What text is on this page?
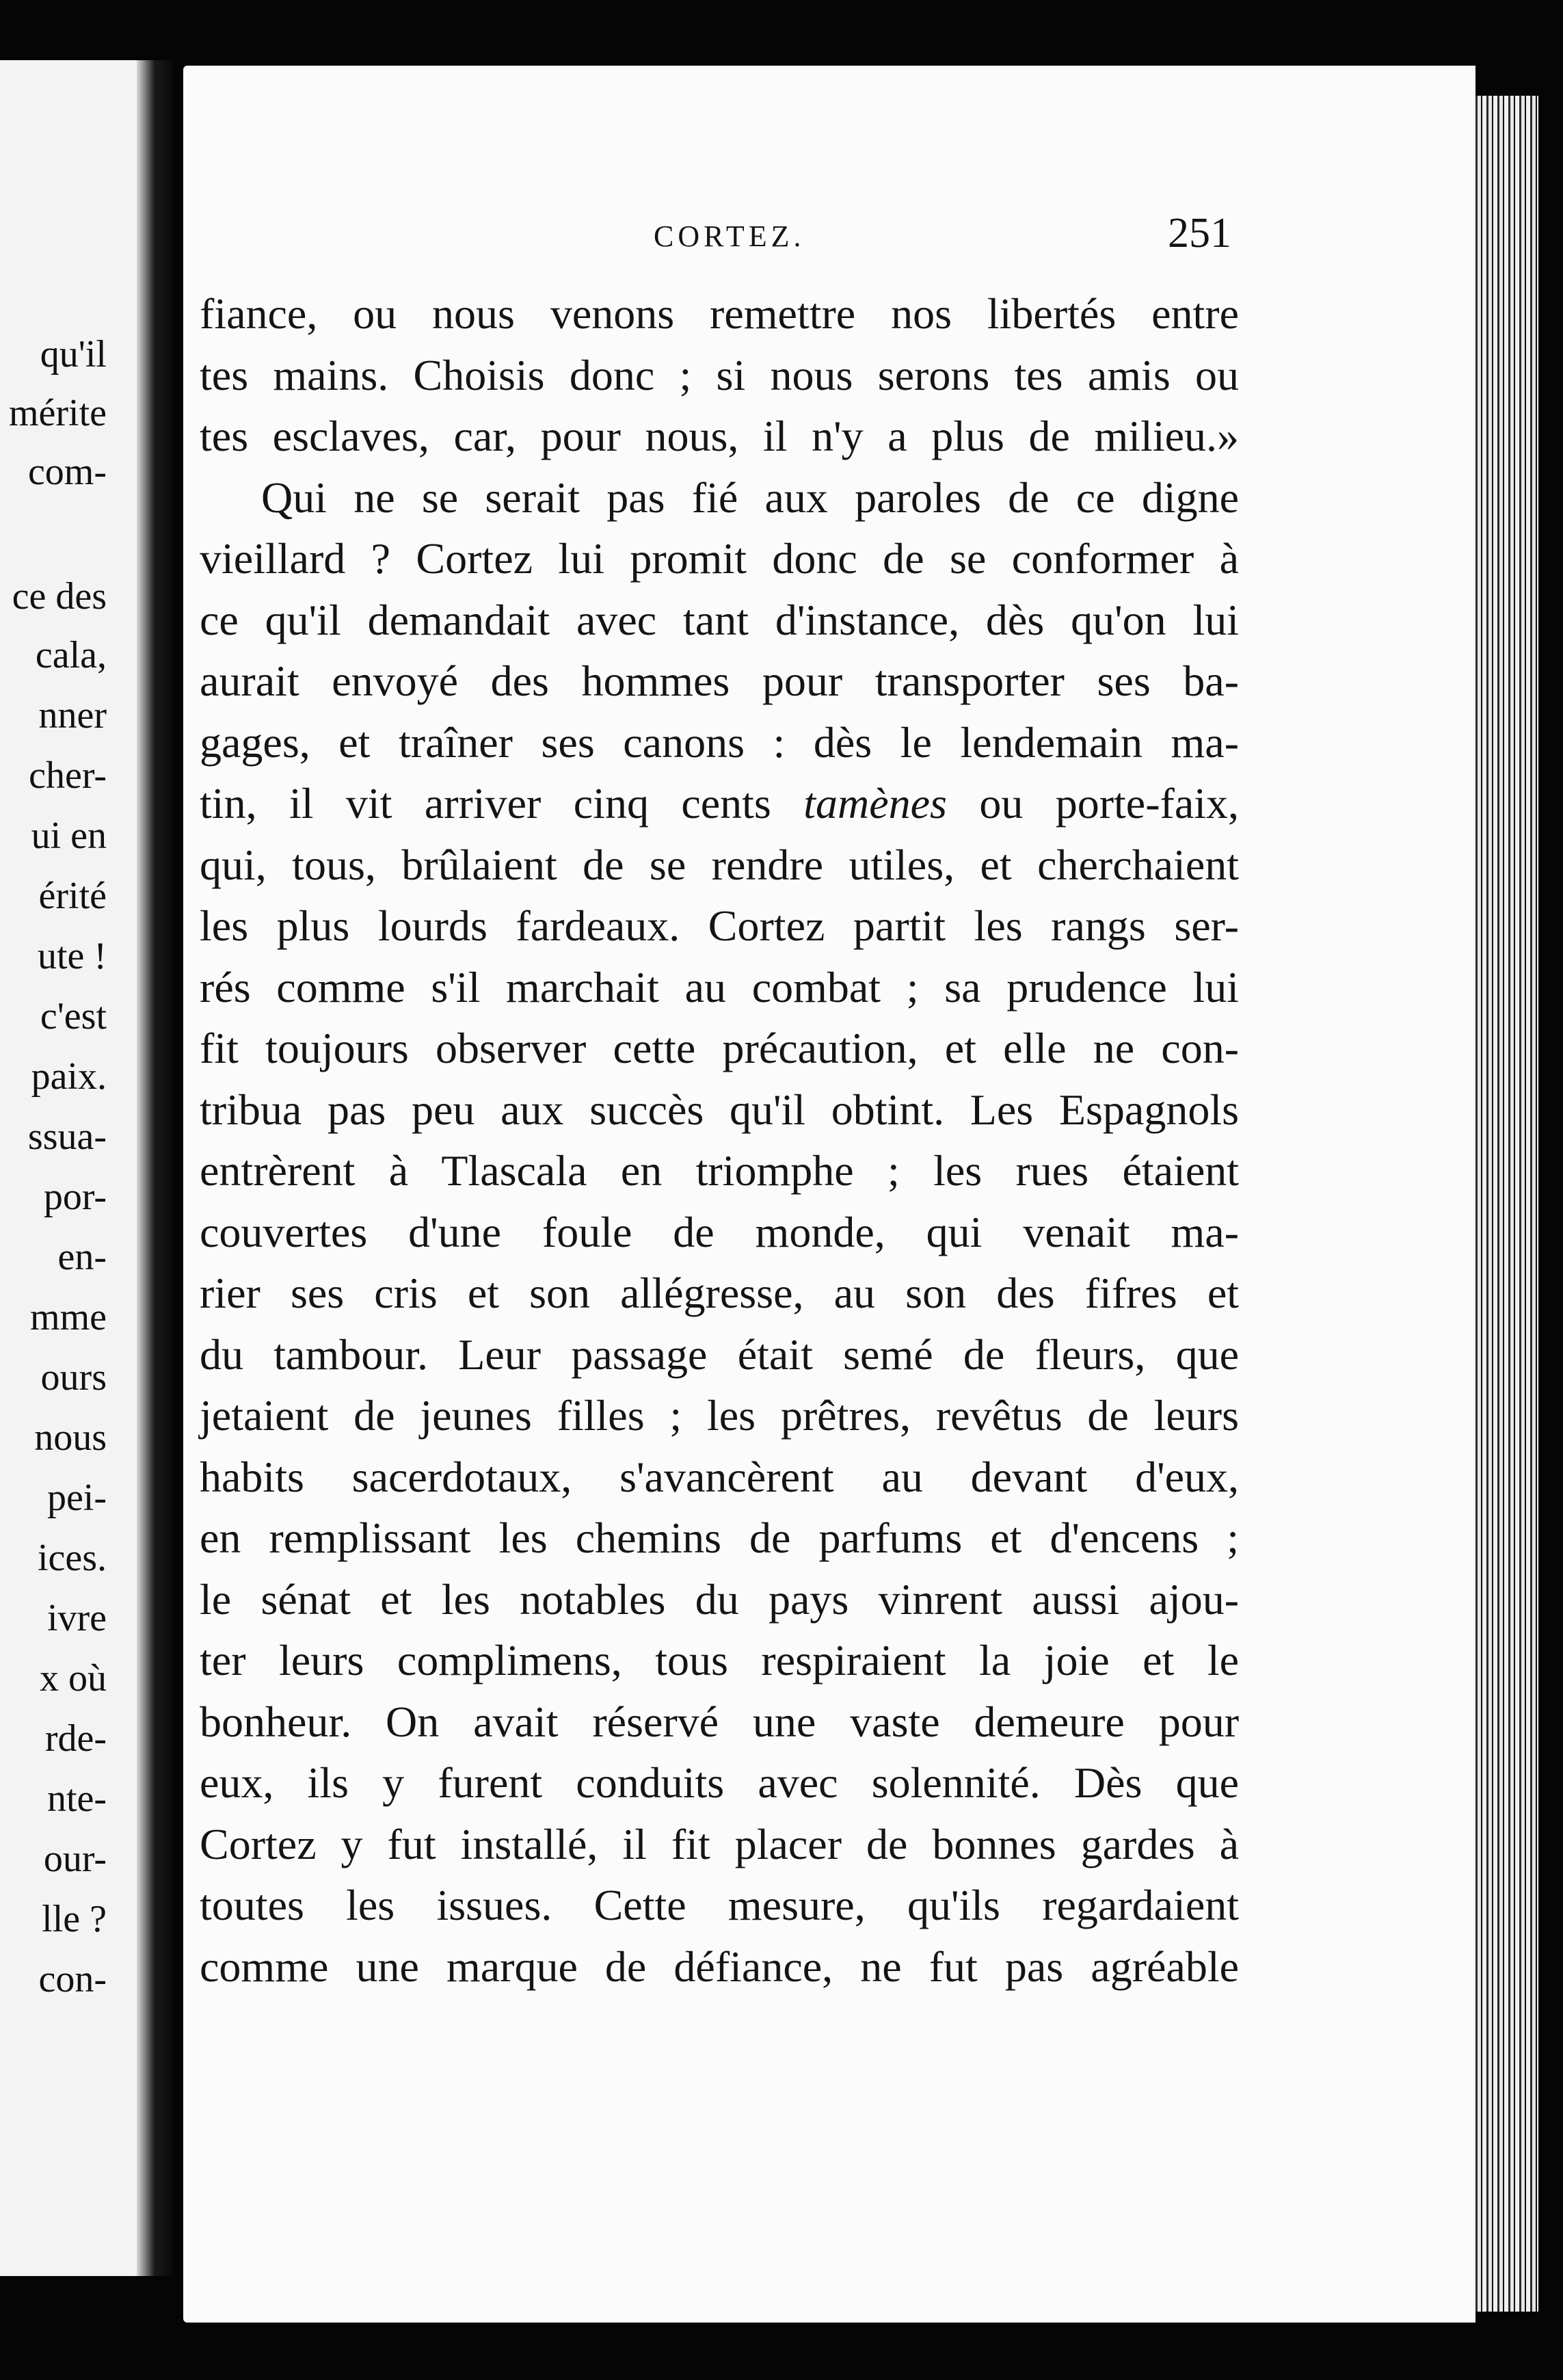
qu'il
mérite
com-
ce des
cala,
nner
cher-
ui en
érité
ute !
c'est
paix.
ssua-
por-
en-
mme
ours
nous
pei-
ices.
ivre
x où
rde-
nte-
our-
lle ?
con-
CORTEZ.	251
fiance, ou nous venons remettre nos libertés entre
tes mains. Choisis donc ; si nous serons tes amis ou
tes esclaves, car, pour nous, il n'y a plus de milieu.»
Qui ne se serait pas fié aux paroles de ce digne
vieillard ? Cortez lui promit donc de se conformer à
ce qu'il demandait avec tant d'instance, dès qu'on lui
aurait envoyé des hommes pour transporter ses ba-
gages, et traîner ses canons : dès le lendemain ma-
tin, il vit arriver cinq cents tamènes ou porte-faix,
qui, tous, brûlaient de se rendre utiles, et cherchaient
les plus lourds fardeaux. Cortez partit les rangs ser-
rés comme s'il marchait au combat ; sa prudence lui
fit toujours observer cette précaution, et elle ne con-
tribua pas peu aux succès qu'il obtint. Les Espagnols
entrèrent à Tlascala en triomphe ; les rues étaient
couvertes d'une foule de monde, qui venait ma-
rier ses cris et son allégresse, au son des fifres et
du tambour. Leur passage était semé de fleurs, que
jetaient de jeunes filles ; les prêtres, revêtus de leurs
habits sacerdotaux, s'avancèrent au devant d'eux,
en remplissant les chemins de parfums et d'encens ;
le sénat et les notables du pays vinrent aussi ajou-
ter leurs complimens, tous respiraient la joie et le
bonheur. On avait réservé une vaste demeure pour
eux, ils y furent conduits avec solennité. Dès que
Cortez y fut installé, il fit placer de bonnes gardes à
toutes les issues. Cette mesure, qu'ils regardaient
comme une marque de défiance, ne fut pas agréable
